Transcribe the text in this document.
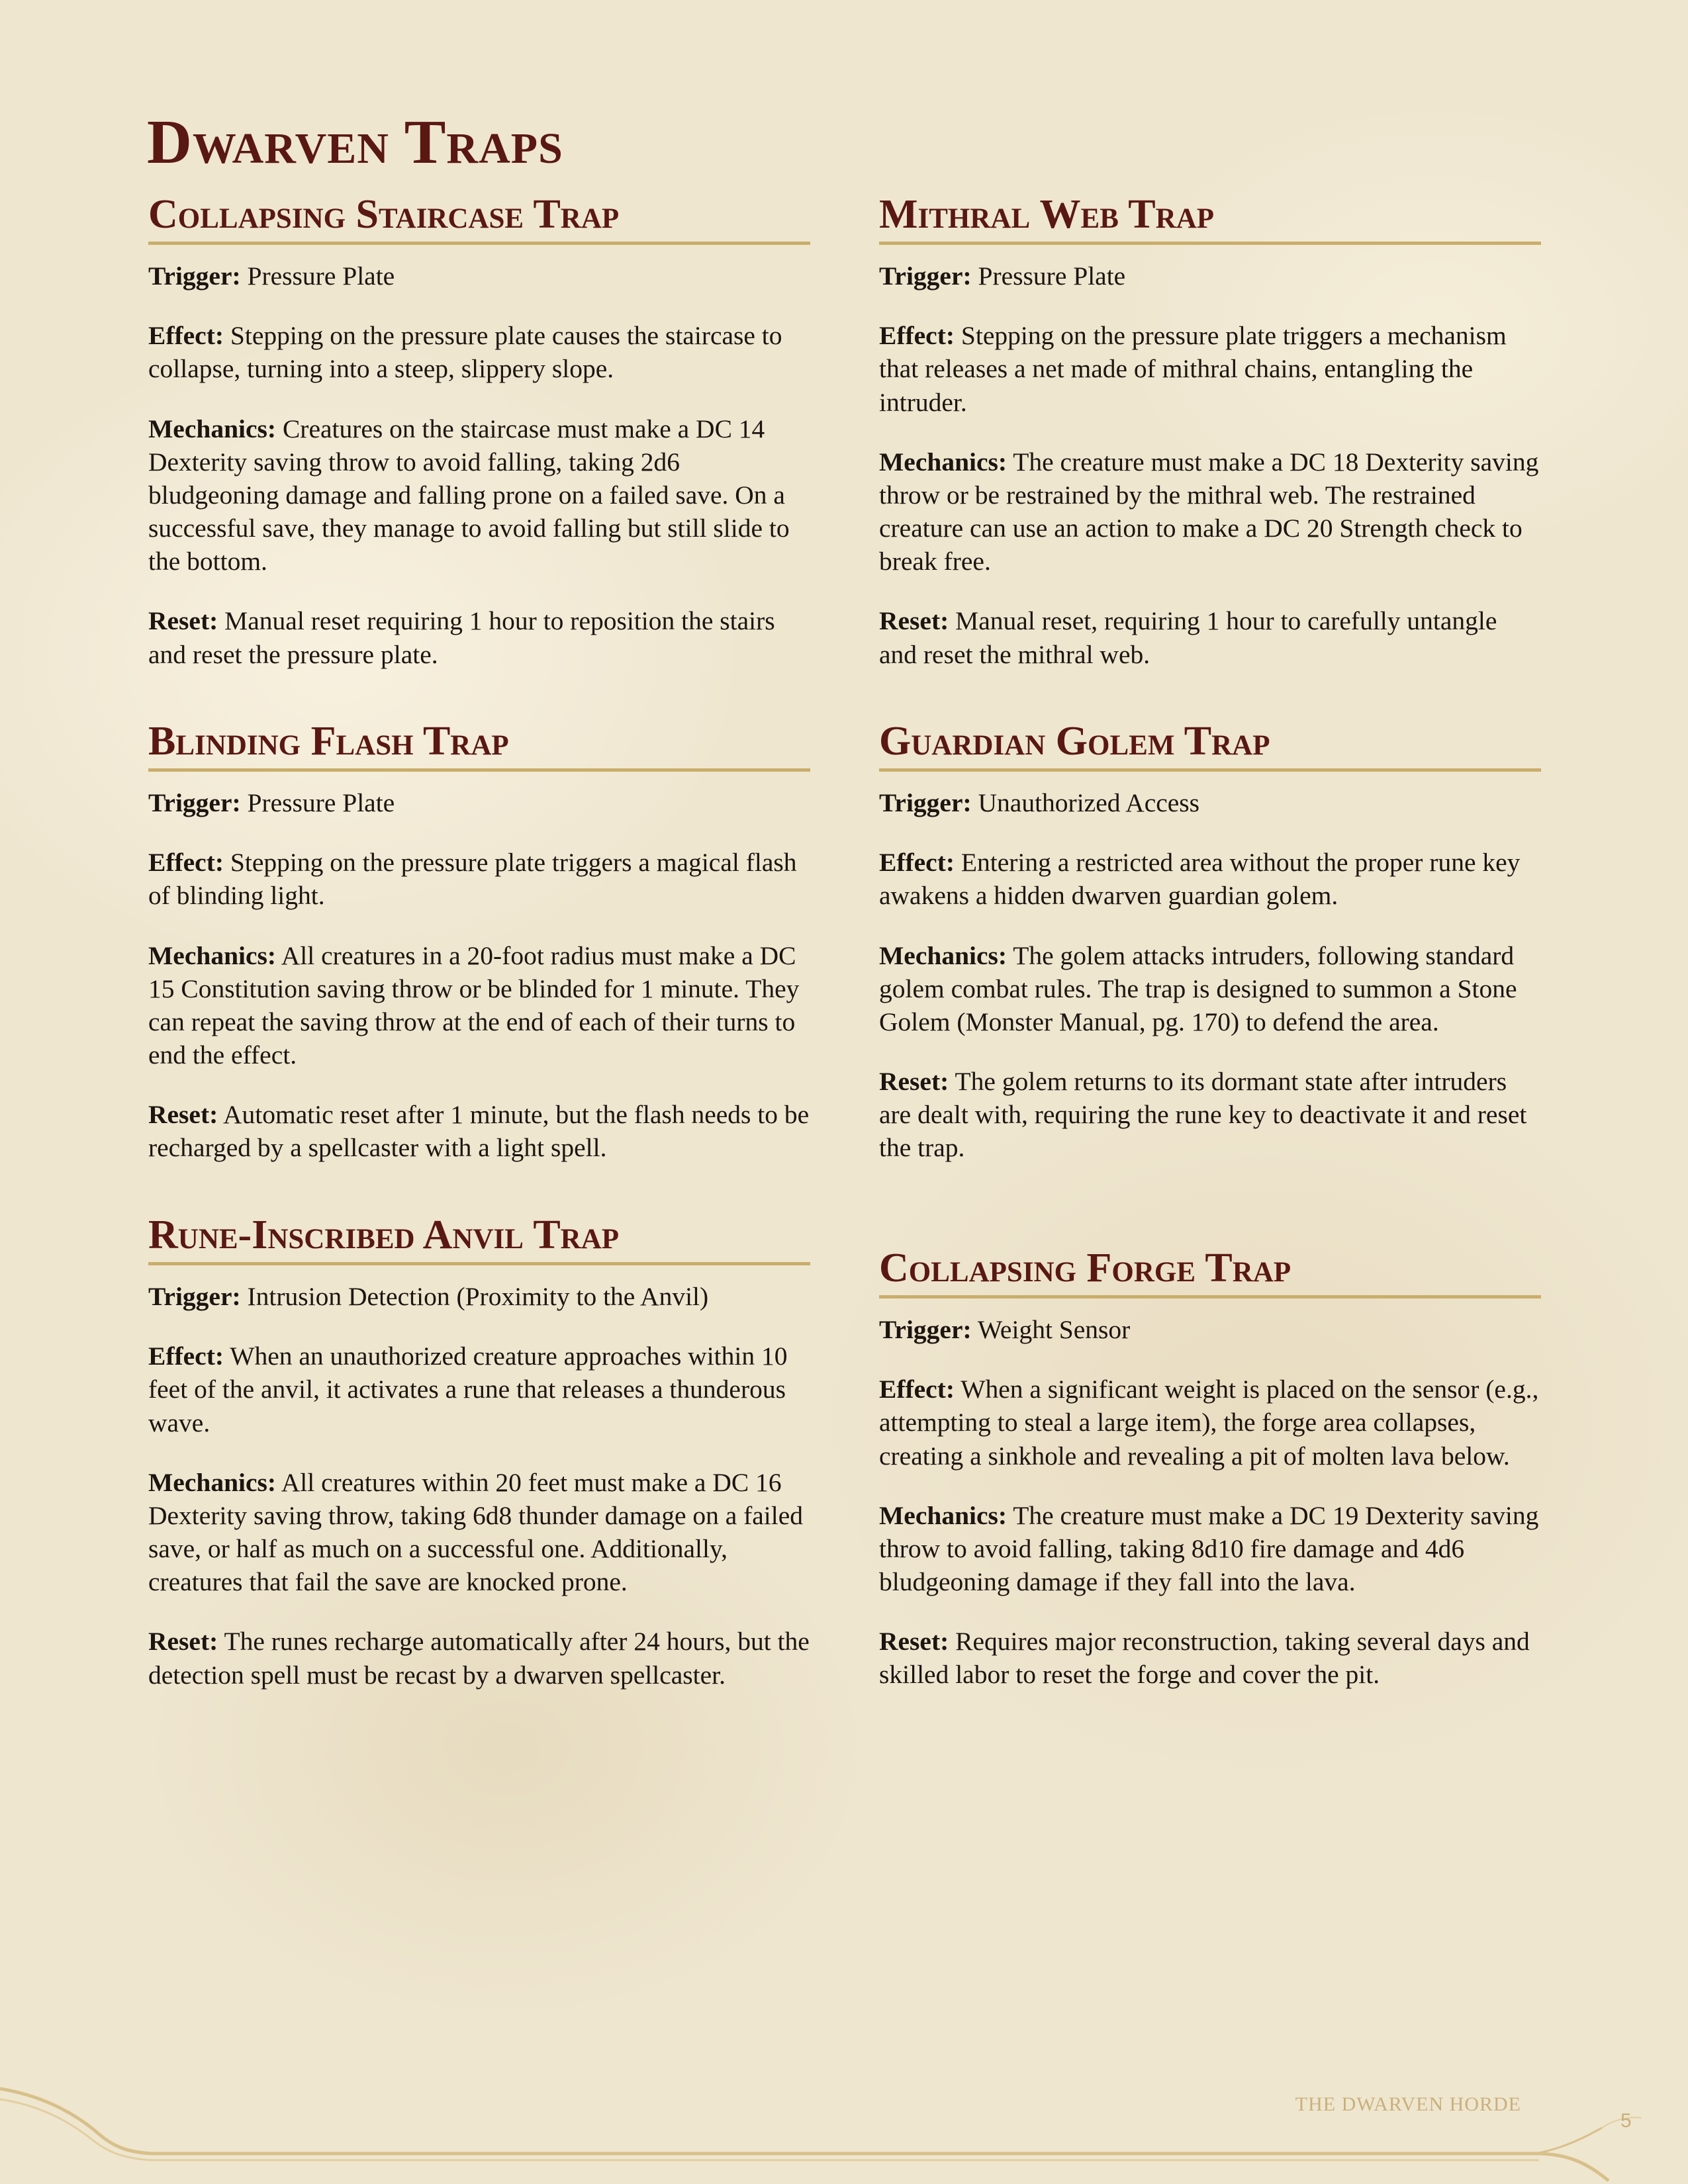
Dwarven Traps
Collapsing Staircase Trap

Trigger: Pressure Plate

Effect: Stepping on the pressure plate causes the staircase to collapse, turning into a steep, slippery slope.

Mechanics: Creatures on the staircase must make a DC 14 Dexterity saving throw to avoid falling, taking 2d6 bludgeoning damage and falling prone on a failed save. On a successful save, they manage to avoid falling but still slide to the bottom.

Reset: Manual reset requiring 1 hour to reposition the stairs and reset the pressure plate.

Blinding Flash Trap

Trigger: Pressure Plate

Effect: Stepping on the pressure plate triggers a magical flash of blinding light.

Mechanics: All creatures in a 20-foot radius must make a DC 15 Constitution saving throw or be blinded for 1 minute. They can repeat the saving throw at the end of each of their turns to end the effect.

Reset: Automatic reset after 1 minute, but the flash needs to be recharged by a spellcaster with a light spell.

Rune-Inscribed Anvil Trap

Trigger: Intrusion Detection (Proximity to the Anvil)

Effect: When an unauthorized creature approaches within 10 feet of the anvil, it activates a rune that releases a thunderous wave.

Mechanics: All creatures within 20 feet must make a DC 16 Dexterity saving throw, taking 6d8 thunder damage on a failed save, or half as much on a successful one. Additionally, creatures that fail the save are knocked prone.

Reset: The runes recharge automatically after 24 hours, but the detection spell must be recast by a dwarven spellcaster.

Mithral Web Trap

Trigger: Pressure Plate

Effect: Stepping on the pressure plate triggers a mechanism that releases a net made of mithral chains, entangling the intruder.

Mechanics: The creature must make a DC 18 Dexterity saving throw or be restrained by the mithral web. The restrained creature can use an action to make a DC 20 Strength check to break free.

Reset: Manual reset, requiring 1 hour to carefully untangle and reset the mithral web.

Guardian Golem Trap

Trigger: Unauthorized Access

Effect: Entering a restricted area without the proper rune key awakens a hidden dwarven guardian golem.

Mechanics: The golem attacks intruders, following standard golem combat rules. The trap is designed to summon a Stone Golem (Monster Manual, pg. 170) to defend the area.

Reset: The golem returns to its dormant state after intruders are dealt with, requiring the rune key to deactivate it and reset the trap.

Collapsing Forge Trap

Trigger: Weight Sensor

Effect: When a significant weight is placed on the sensor (e.g., attempting to steal a large item), the forge area collapses, creating a sinkhole and revealing a pit of molten lava below.

Mechanics: The creature must make a DC 19 Dexterity saving throw to avoid falling, taking 8d10 fire damage and 4d6 bludgeoning damage if they fall into the lava.

Reset: Requires major reconstruction, taking several days and skilled labor to reset the forge and cover the pit.

THE DWARVEN HORDE
5
